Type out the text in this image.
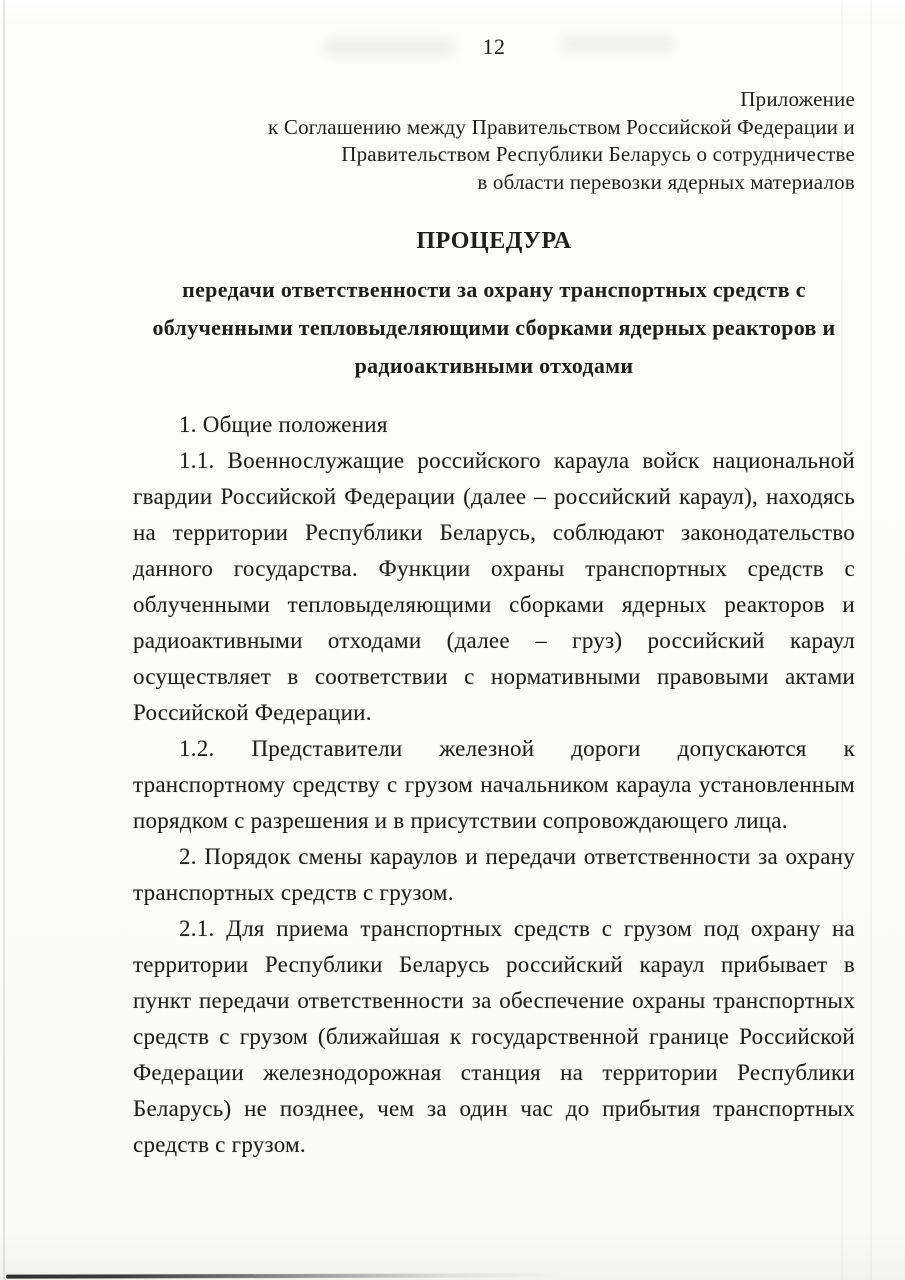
12
Приложение
к Соглашению между Правительством Российской Федерации и
Правительством Республики Беларусь о сотрудничестве
в области перевозки ядерных материалов
ПРОЦЕДУРА
передачи ответственности за охрану транспортных средств с
облученными тепловыделяющими сборками ядерных реакторов и
радиоактивными отходами

1. Общие положения

1.1. Военнослужащие российского караула войск национальной гвардии Российской Федерации (далее – российский караул), находясь на территории Республики Беларусь, соблюдают законодательство данного государства. Функции охраны транспортных средств с облученными тепловыделяющими сборками ядерных реакторов и радиоактивными отходами (далее – груз) российский караул осуществляет в соответствии с нормативными правовыми актами Российской Федерации.

1.2. Представители железной дороги допускаются к транспортному средству с грузом начальником караула установленным порядком с разрешения и в присутствии сопровождающего лица.

2. Порядок смены караулов и передачи ответственности за охрану транспортных средств с грузом.

2.1. Для приема транспортных средств с грузом под охрану на территории Республики Беларусь российский караул прибывает в пункт передачи ответственности за обеспечение охраны транспортных средств с грузом (ближайшая к государственной границе Российской Федерации железнодорожная станция на территории Республики Беларусь) не позднее, чем за один час до прибытия транспортных средств с грузом.
